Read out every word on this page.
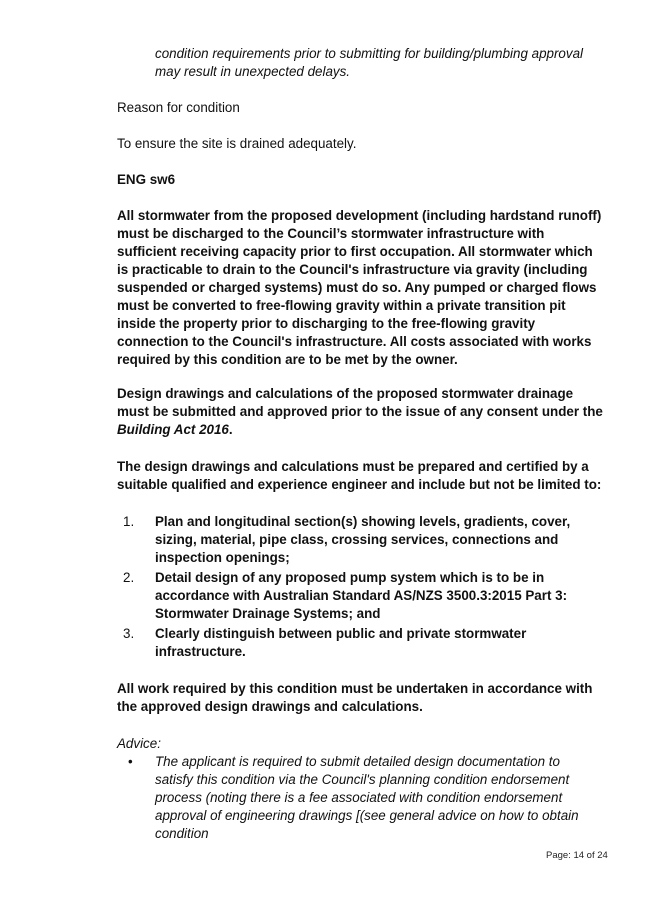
condition requirements prior to submitting for building/plumbing approval may result in unexpected delays.
Reason for condition
To ensure the site is drained adequately.
ENG sw6
All stormwater from the proposed development (including hardstand runoff) must be discharged to the Council’s stormwater infrastructure with sufficient receiving capacity prior to first occupation. All stormwater which is practicable to drain to the Council's infrastructure via gravity (including suspended or charged systems) must do so. Any pumped or charged flows must be converted to free-flowing gravity within a private transition pit inside the property prior to discharging to the free-flowing gravity connection to the Council's infrastructure. All costs associated with works required by this condition are to be met by the owner.
Design drawings and calculations of the proposed stormwater drainage must be submitted and approved prior to the issue of any consent under the Building Act 2016.
The design drawings and calculations must be prepared and certified by a suitable qualified and experience engineer and include but not be limited to:
1. Plan and longitudinal section(s) showing levels, gradients, cover, sizing, material, pipe class, crossing services, connections and inspection openings;
2. Detail design of any proposed pump system which is to be in accordance with Australian Standard AS/NZS 3500.3:2015 Part 3: Stormwater Drainage Systems; and
3. Clearly distinguish between public and private stormwater infrastructure.
All work required by this condition must be undertaken in accordance with the approved design drawings and calculations.
Advice:
• The applicant is required to submit detailed design documentation to satisfy this condition via the Council's planning condition endorsement process (noting there is a fee associated with condition endorsement approval of engineering drawings [(see general advice on how to obtain condition
Page: 14 of 24
